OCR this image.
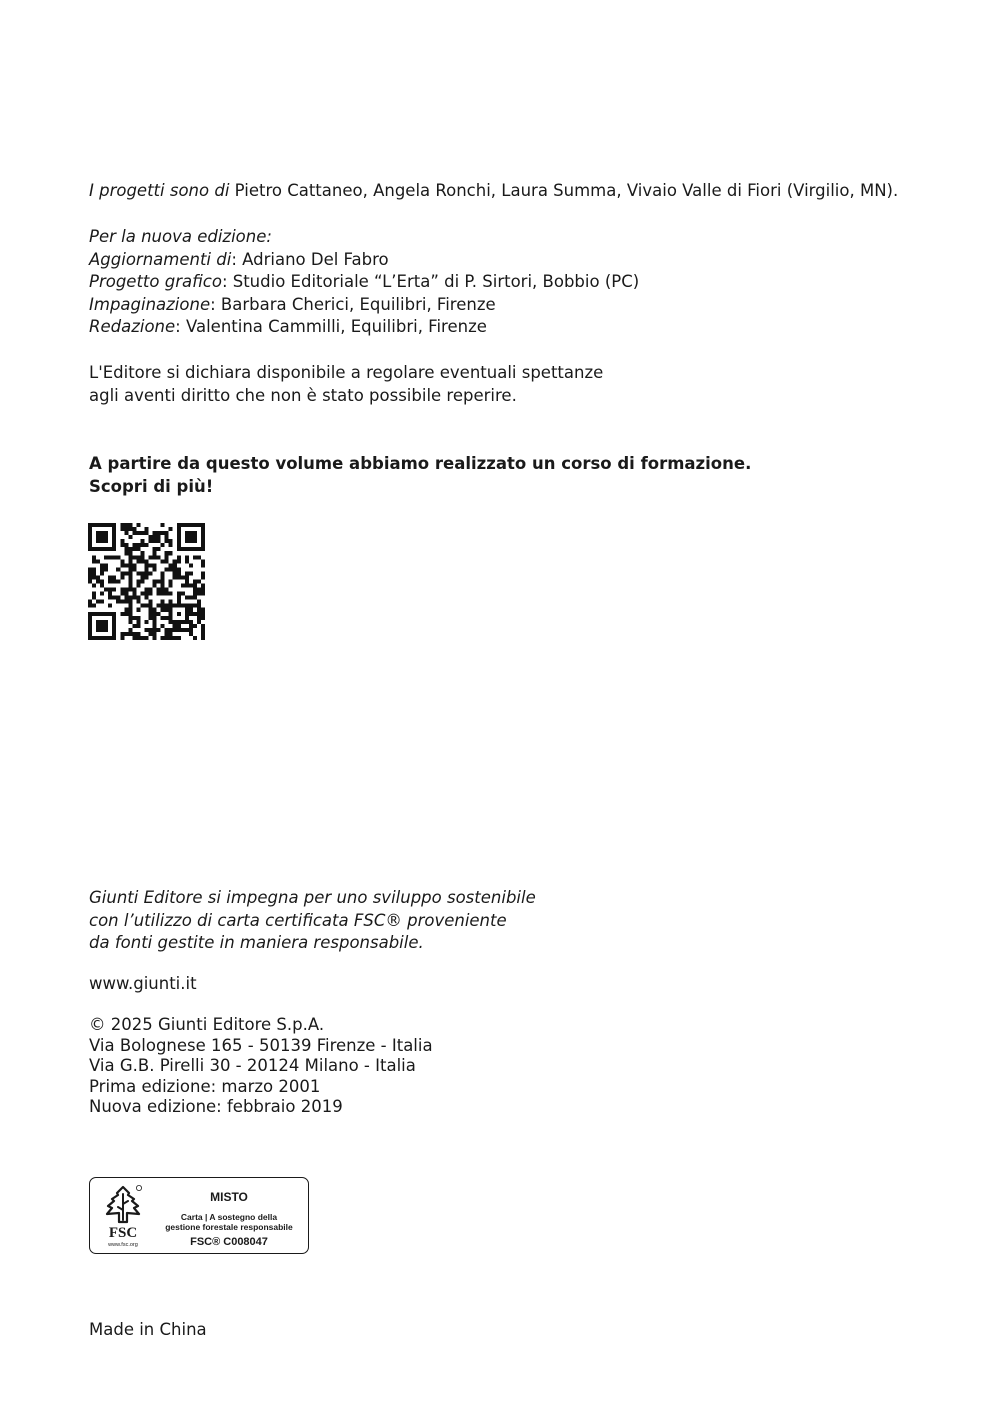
I progetti sono di Pietro Cattaneo, Angela Ronchi, Laura Summa, Vivaio Valle di Fiori (Virgilio, MN).
Per la nuova edizione:
Aggiornamenti di: Adriano Del Fabro
Progetto grafico: Studio Editoriale “L’Erta” di P. Sirtori, Bobbio (PC)
Impaginazione: Barbara Cherici, Equilibri, Firenze
Redazione: Valentina Cammilli, Equilibri, Firenze
L'Editore si dichiara disponibile a regolare eventuali spettanze
agli aventi diritto che non è stato possibile reperire.
A partire da questo volume abbiamo realizzato un corso di formazione.
Scopri di più!
Giunti Editore si impegna per uno sviluppo sostenibile
con l’utilizzo di carta certificata FSC® proveniente
da fonti gestite in maniera responsabile.
www.giunti.it
© 2025 Giunti Editore S.p.A.
Via Bolognese 165 - 50139 Firenze - Italia
Via G.B. Pirelli 30 - 20124 Milano - Italia
Prima edizione: marzo 2001
Nuova edizione: febbraio 2019
FSC
www.fsc.org
MISTO
Carta | A sostegno della
gestione forestale responsabile
FSC® C008047
Made in China
